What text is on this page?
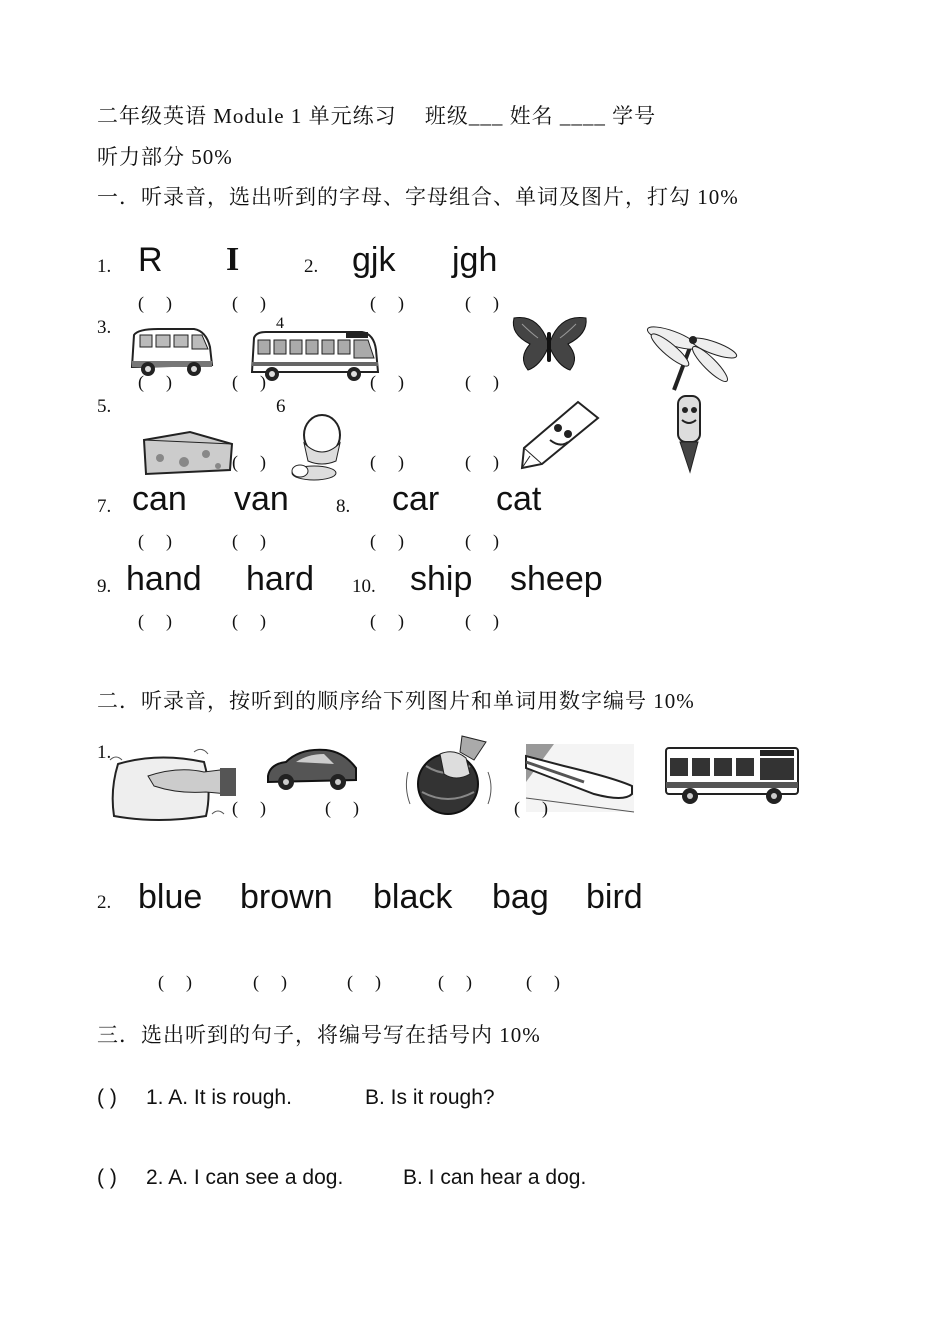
二年级英语 Module 1 单元练习　 班级___ 姓名 ____ 学号
听力部分 50%
一．听录音，选出听到的字母、字母组合、单词及图片，打勾 10%
1. R I	2. gjk jgh
(　)	(　)	(　)	(　)
3.	4
(　)	(　)	(　)	(　)
5.	6
(　)	(　)	(　)
7. can van 8. car cat
(　)	(　)	(　)	(　)
9. hand hard 10. ship sheep
(　)	(　)	(　)	(　)
二．听录音，按听到的顺序给下列图片和单词用数字编号 10%
1.
(　)	(　)	(　)
2. blue brown black bag bird
(　)	(　)	(　)	(　)	(　)
三．选出听到的句子，将编号写在括号内 10%
( ) 1. A. It is rough.	B. Is it rough?
( ) 2. A. I can see a dog.	B. I can hear a dog.
